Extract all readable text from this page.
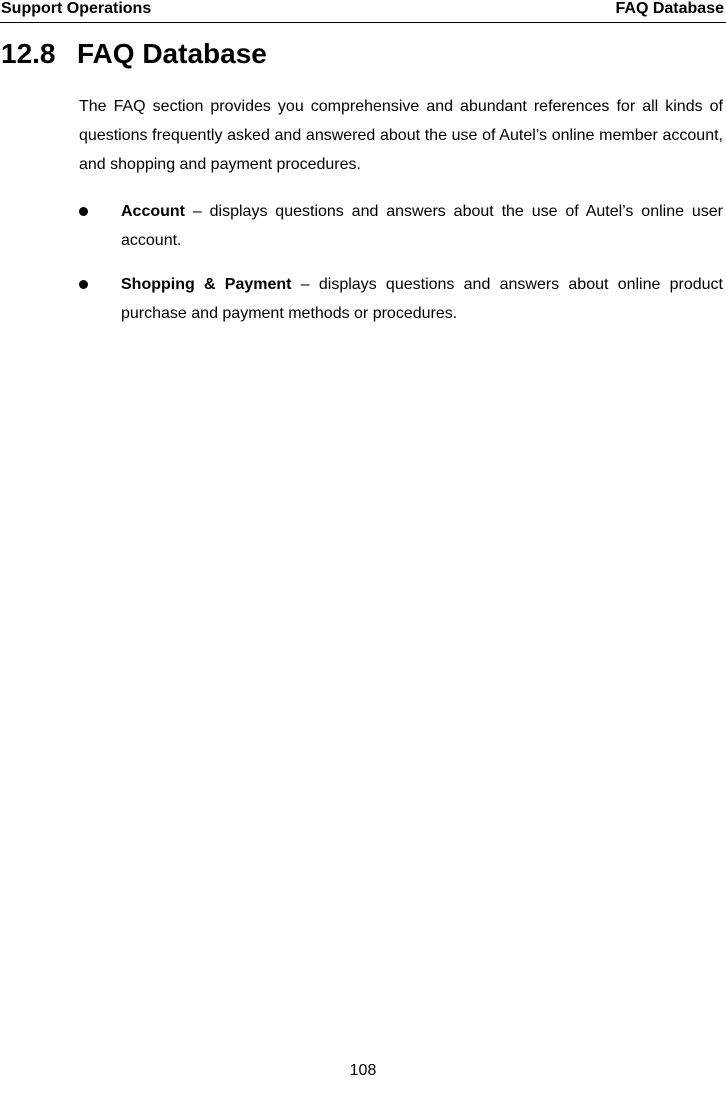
Support Operations	FAQ Database
12.8 FAQ Database

The FAQ section provides you comprehensive and abundant references for all kinds of questions frequently asked and answered about the use of Autel’s online member account, and shopping and payment procedures.

Account – displays questions and answers about the use of Autel’s online user account.
Shopping & Payment – displays questions and answers about online product purchase and payment methods or procedures.
108
